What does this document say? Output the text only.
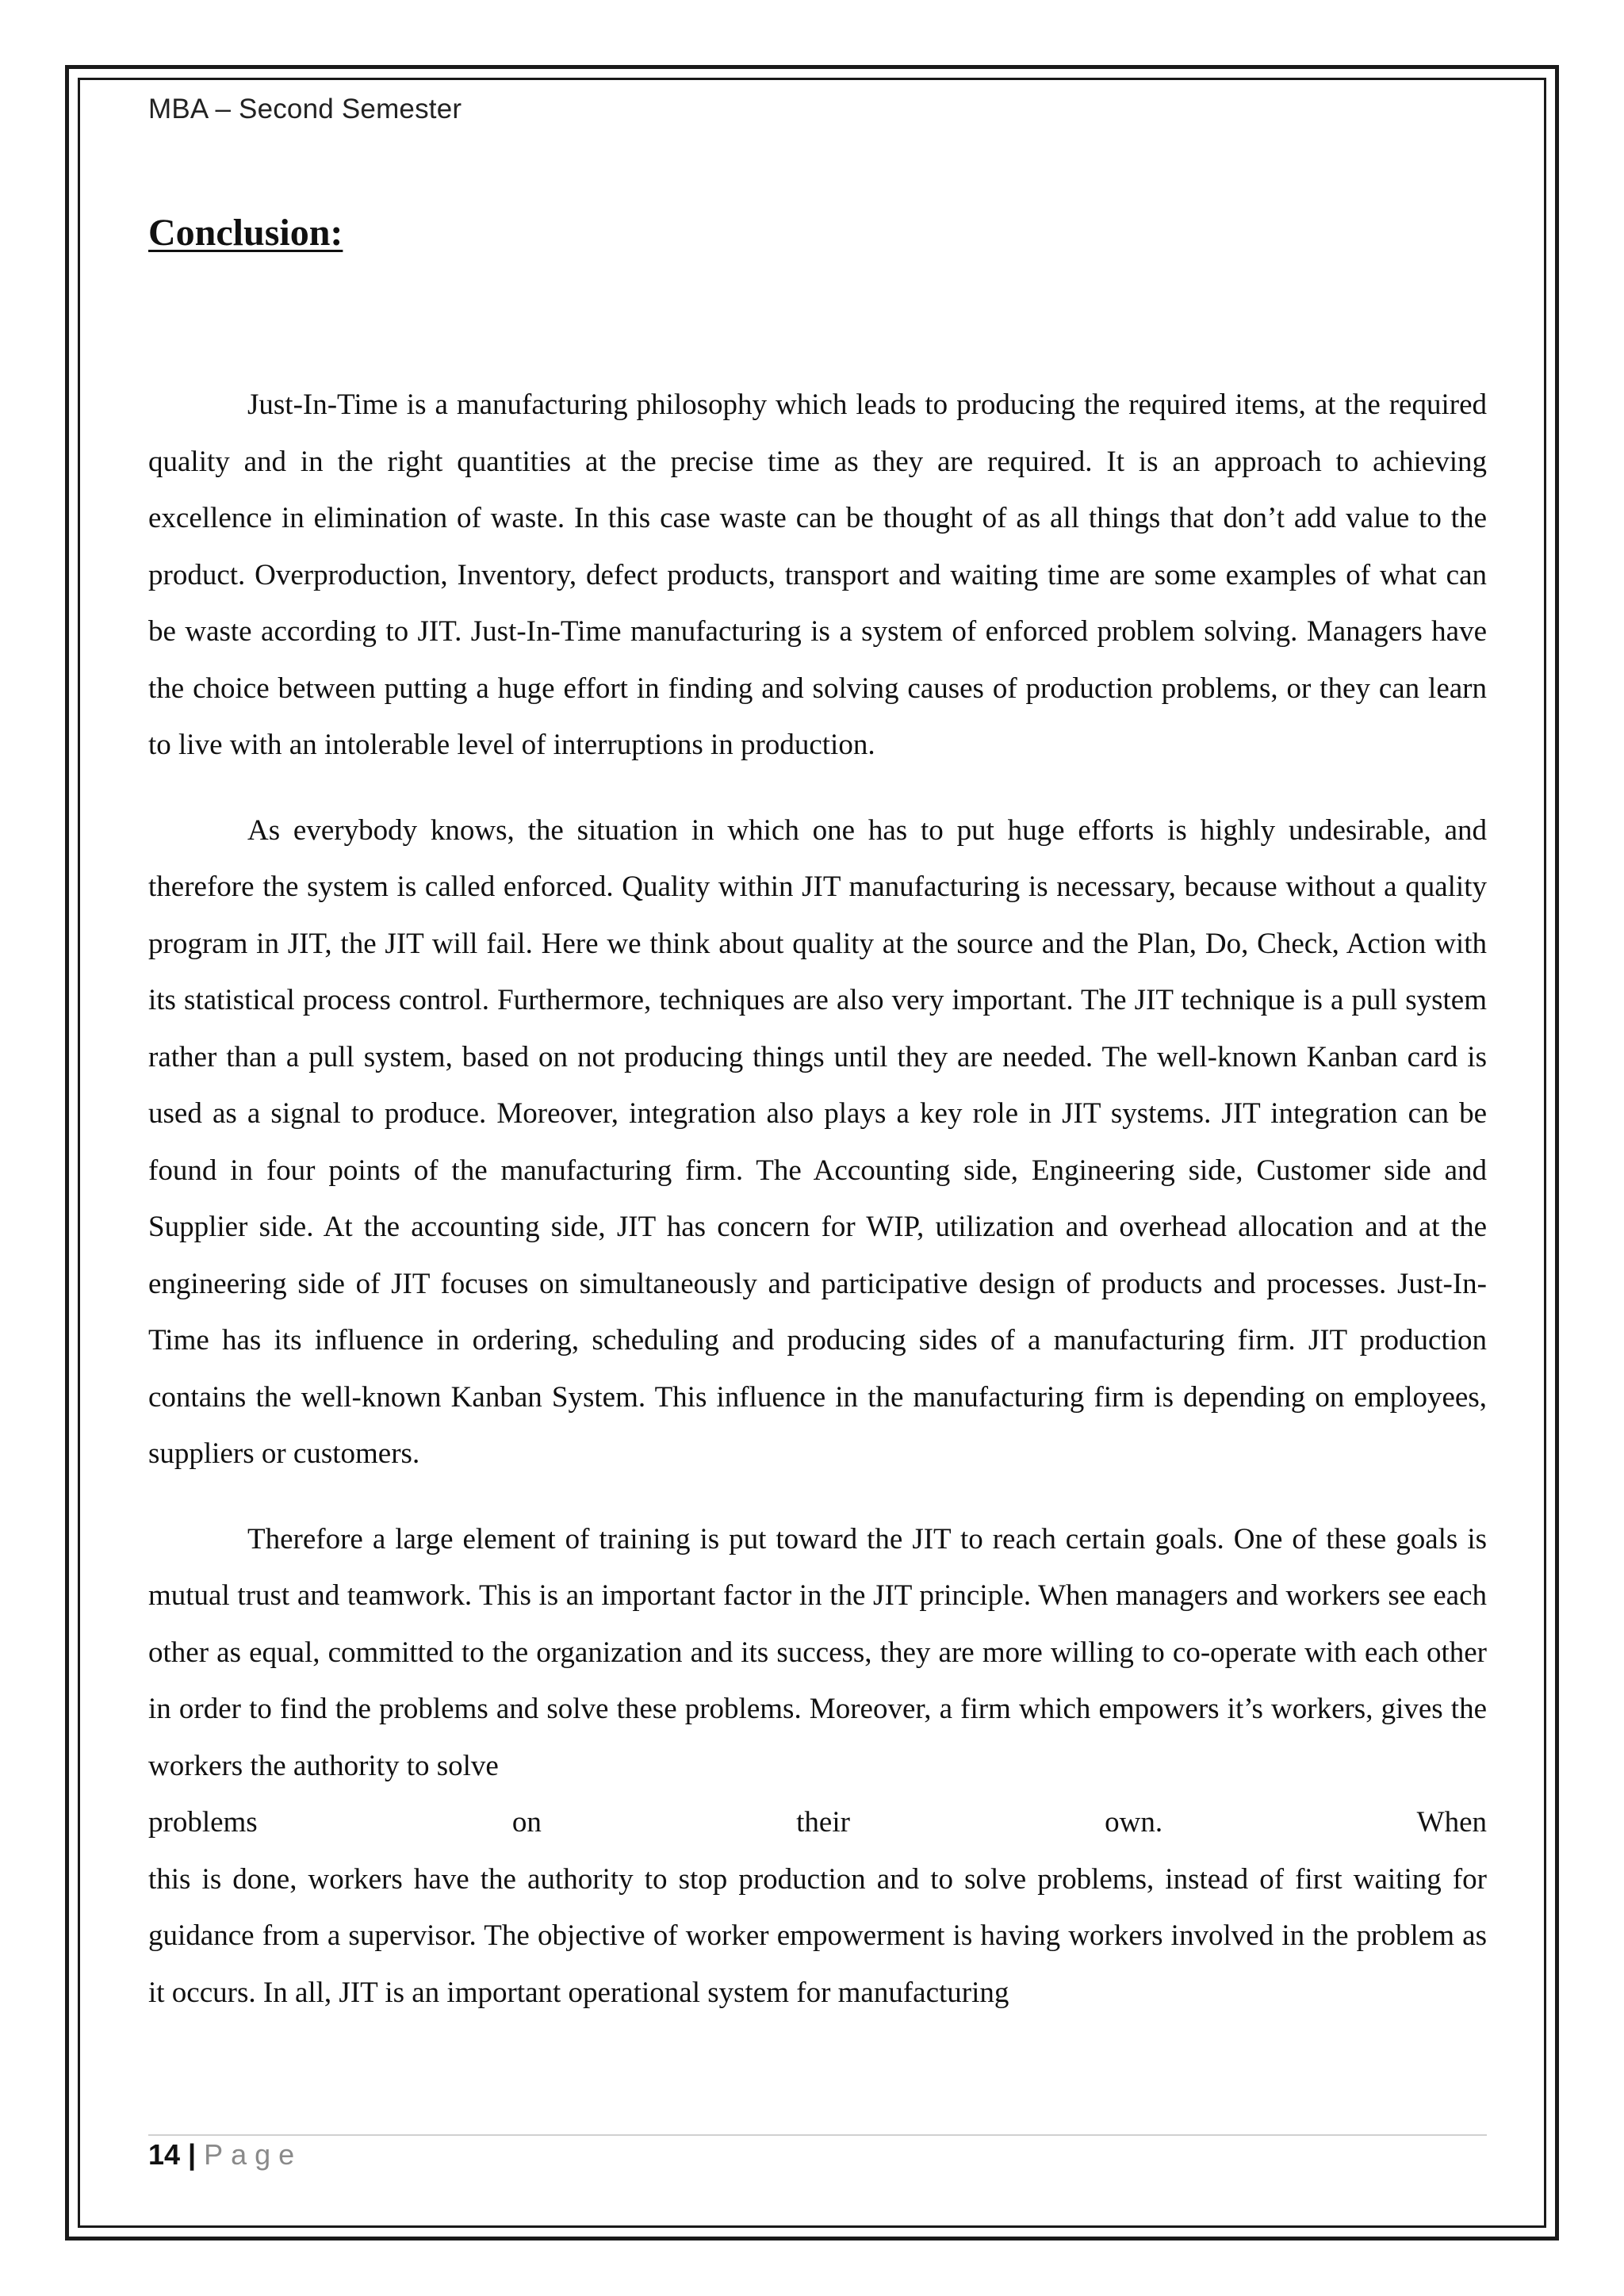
MBA – Second Semester
Conclusion:

Just-In-Time is a manufacturing philosophy which leads to producing the required items, at the required quality and in the right quantities at the precise time as they are required. It is an approach to achieving excellence in elimination of waste. In this case waste can be thought of as all things that don’t add value to the product. Overproduction, Inventory, defect products, transport and waiting time are some examples of what can be waste according to JIT. Just-In-Time manufacturing is a system of enforced problem solving. Managers have the choice between putting a huge effort in finding and solving causes of production problems, or they can learn to live with an intolerable level of interruptions in production.

As everybody knows, the situation in which one has to put huge efforts is highly undesirable, and therefore the system is called enforced. Quality within JIT manufacturing is necessary, because without a quality program in JIT, the JIT will fail. Here we think about quality at the source and the Plan, Do, Check, Action with its statistical process control. Furthermore, techniques are also very important. The JIT technique is a pull system rather than a pull system, based on not producing things until they are needed. The well-known Kanban card is used as a signal to produce. Moreover, integration also plays a key role in JIT systems. JIT integration can be found in four points of the manufacturing firm. The Accounting side, Engineering side, Customer side and Supplier side. At the accounting side, JIT has concern for WIP, utilization and overhead allocation and at the engineering side of JIT focuses on simultaneously and participative design of products and processes. Just-In-Time has its influence in ordering, scheduling and producing sides of a manufacturing firm. JIT production contains the well-known Kanban System. This influence in the manufacturing firm is depending on employees, suppliers or customers.

Therefore a large element of training is put toward the JIT to reach certain goals. One of these goals is mutual trust and teamwork. This is an important factor in the JIT principle. When managers and workers see each other as equal, committed to the organization and its success, they are more willing to co-operate with each other in order to find the problems and solve these problems. Moreover, a firm which empowers it’s workers, gives the workers the authority to solve
problems on their own. When
this is done, workers have the authority to stop production and to solve problems, instead of first waiting for guidance from a supervisor. The objective of worker empowerment is having workers involved in the problem as it occurs. In all, JIT is an important operational system for manufacturing

14 | Page
